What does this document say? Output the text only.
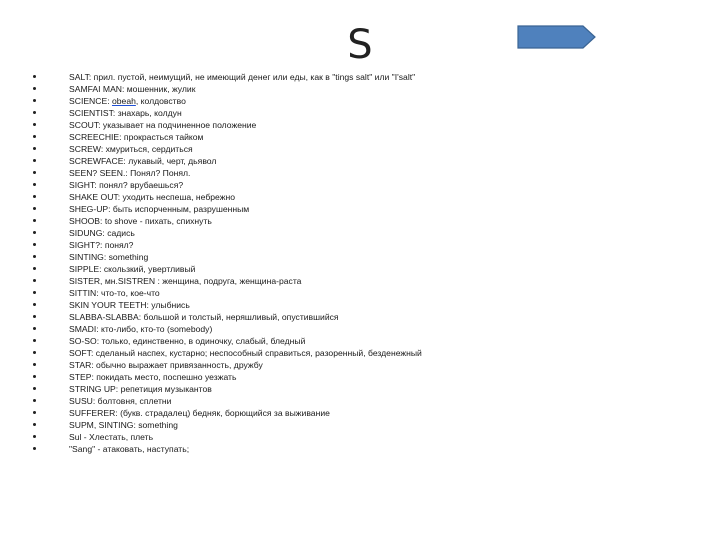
S
SALT: прил. пустой, неимущий, не имеющий денег или еды, как в "tings salt" или "I'salt"
SAMFAI MAN: мошенник, жулик
SCIENCE: obeah, колдовство
SCIENTIST: знахарь, колдун
SCOUT: указывает на подчиненное положение
SCREECHIE: прокрасться тайком
SCREW: хмуриться, сердиться
SCREWFACE: лукавый, черт, дьявол
SEEN? SEEN.: Понял? Понял.
SIGHT: понял? врубаешься?
SHAKE OUT: уходить неспеша, небрежно
SHEG-UP: быть испорченным, разрушенным
SHOOB: to shove - пихать, спихнуть
SIDUNG: садись
SIGHT?: понял?
SINTING: something
SIPPLE: скользкий, увертливый
SISTER, мн.SISTREN : женщина, подруга, женщина-раста
SITTIN: что-то, кое-что
SKIN YOUR TEETH: улыбнись
SLABBA-SLABBA: большой и толстый, неряшливый, опустившийся
SMADI: кто-либо, кто-то (somebody)
SO-SO: только, единственно, в одиночку, слабый, бледный
SOFT: сделаный наспех, кустарно; неспособный справиться, разоренный, безденежный
STAR: обычно выражает привязанность, дружбу
STEP: покидать место, поспешно уезжать
STRING UP: репетиция музыкантов
SUSU: болтовня, сплетни
SUFFERER: (букв. страдалец) бедняк, борющийся за выживание
SUPM, SINTING: something
Sul - Хлестать, плеть
"Sang" - атаковать, наступать;
